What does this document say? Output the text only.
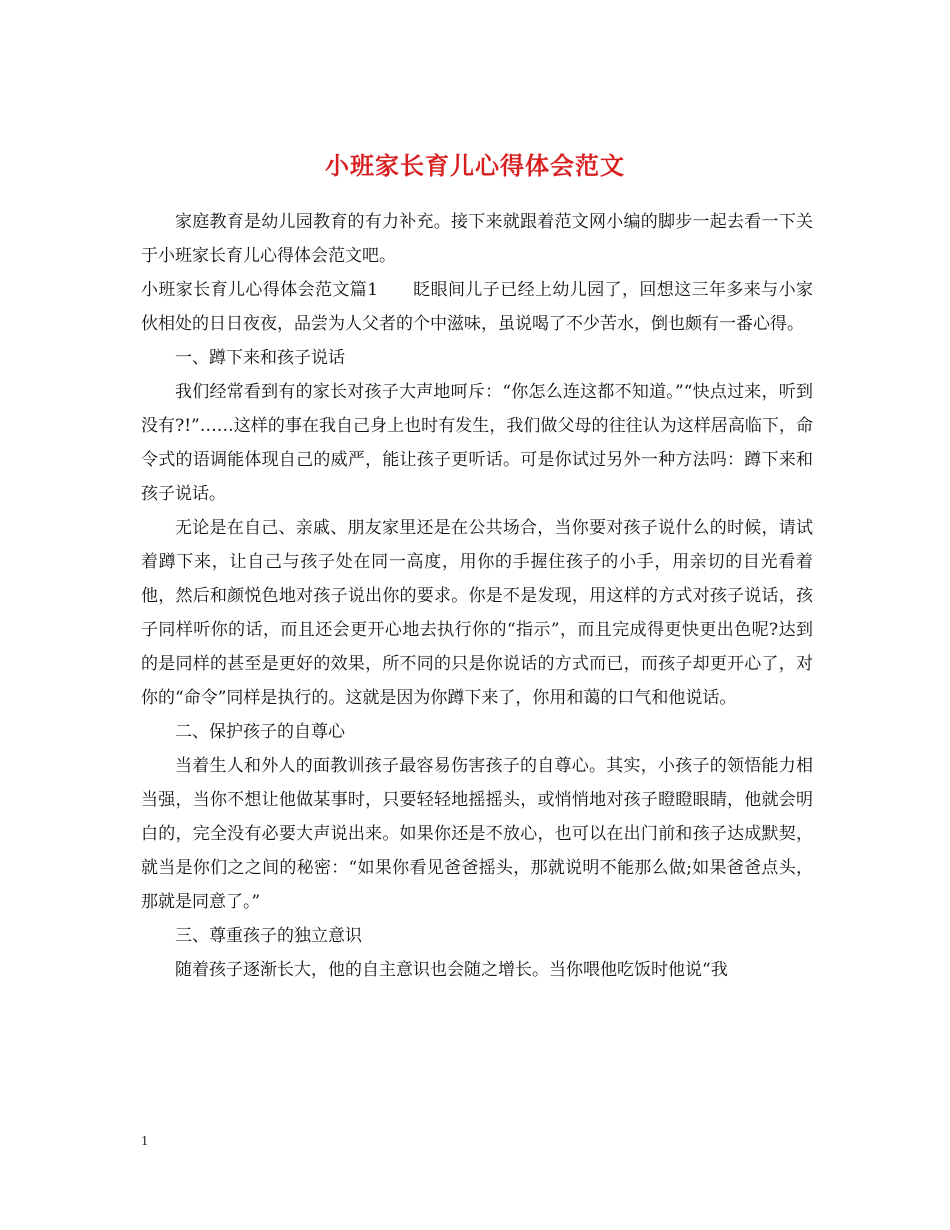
小班家长育儿心得体会范文

家庭教育是幼儿园教育的有力补充。接下来就跟着范文网小编的脚步一起去看一下关于小班家长育儿心得体会范文吧。

小班家长育儿心得体会范文篇1　　眨眼间儿子已经上幼儿园了，回想这三年多来与小家伙相处的日日夜夜，品尝为人父者的个中滋味，虽说喝了不少苦水，倒也颇有一番心得。

一、蹲下来和孩子说话

我们经常看到有的家长对孩子大声地呵斥：“你怎么连这都不知道。”“快点过来，听到没有?!”……这样的事在我自己身上也时有发生，我们做父母的往往认为这样居高临下，命令式的语调能体现自己的威严，能让孩子更听话。可是你试过另外一种方法吗：蹲下来和孩子说话。

无论是在自己、亲戚、朋友家里还是在公共场合，当你要对孩子说什么的时候，请试着蹲下来，让自己与孩子处在同一高度，用你的手握住孩子的小手，用亲切的目光看着他，然后和颜悦色地对孩子说出你的要求。你是不是发现，用这样的方式对孩子说话，孩子同样听你的话，而且还会更开心地去执行你的“指示”，而且完成得更快更出色呢?达到的是同样的甚至是更好的效果，所不同的只是你说话的方式而已，而孩子却更开心了，对你的“命令”同样是执行的。这就是因为你蹲下来了，你用和蔼的口气和他说话。

二、保护孩子的自尊心

当着生人和外人的面教训孩子最容易伤害孩子的自尊心。其实，小孩子的领悟能力相当强，当你不想让他做某事时，只要轻轻地摇摇头，或悄悄地对孩子瞪瞪眼睛，他就会明白的，完全没有必要大声说出来。如果你还是不放心，也可以在出门前和孩子达成默契，就当是你们之之间的秘密：“如果你看见爸爸摇头，那就说明不能那么做;如果爸爸点头，那就是同意了。”

三、尊重孩子的独立意识

随着孩子逐渐长大，他的自主意识也会随之增长。当你喂他吃饭时他说“我

1
